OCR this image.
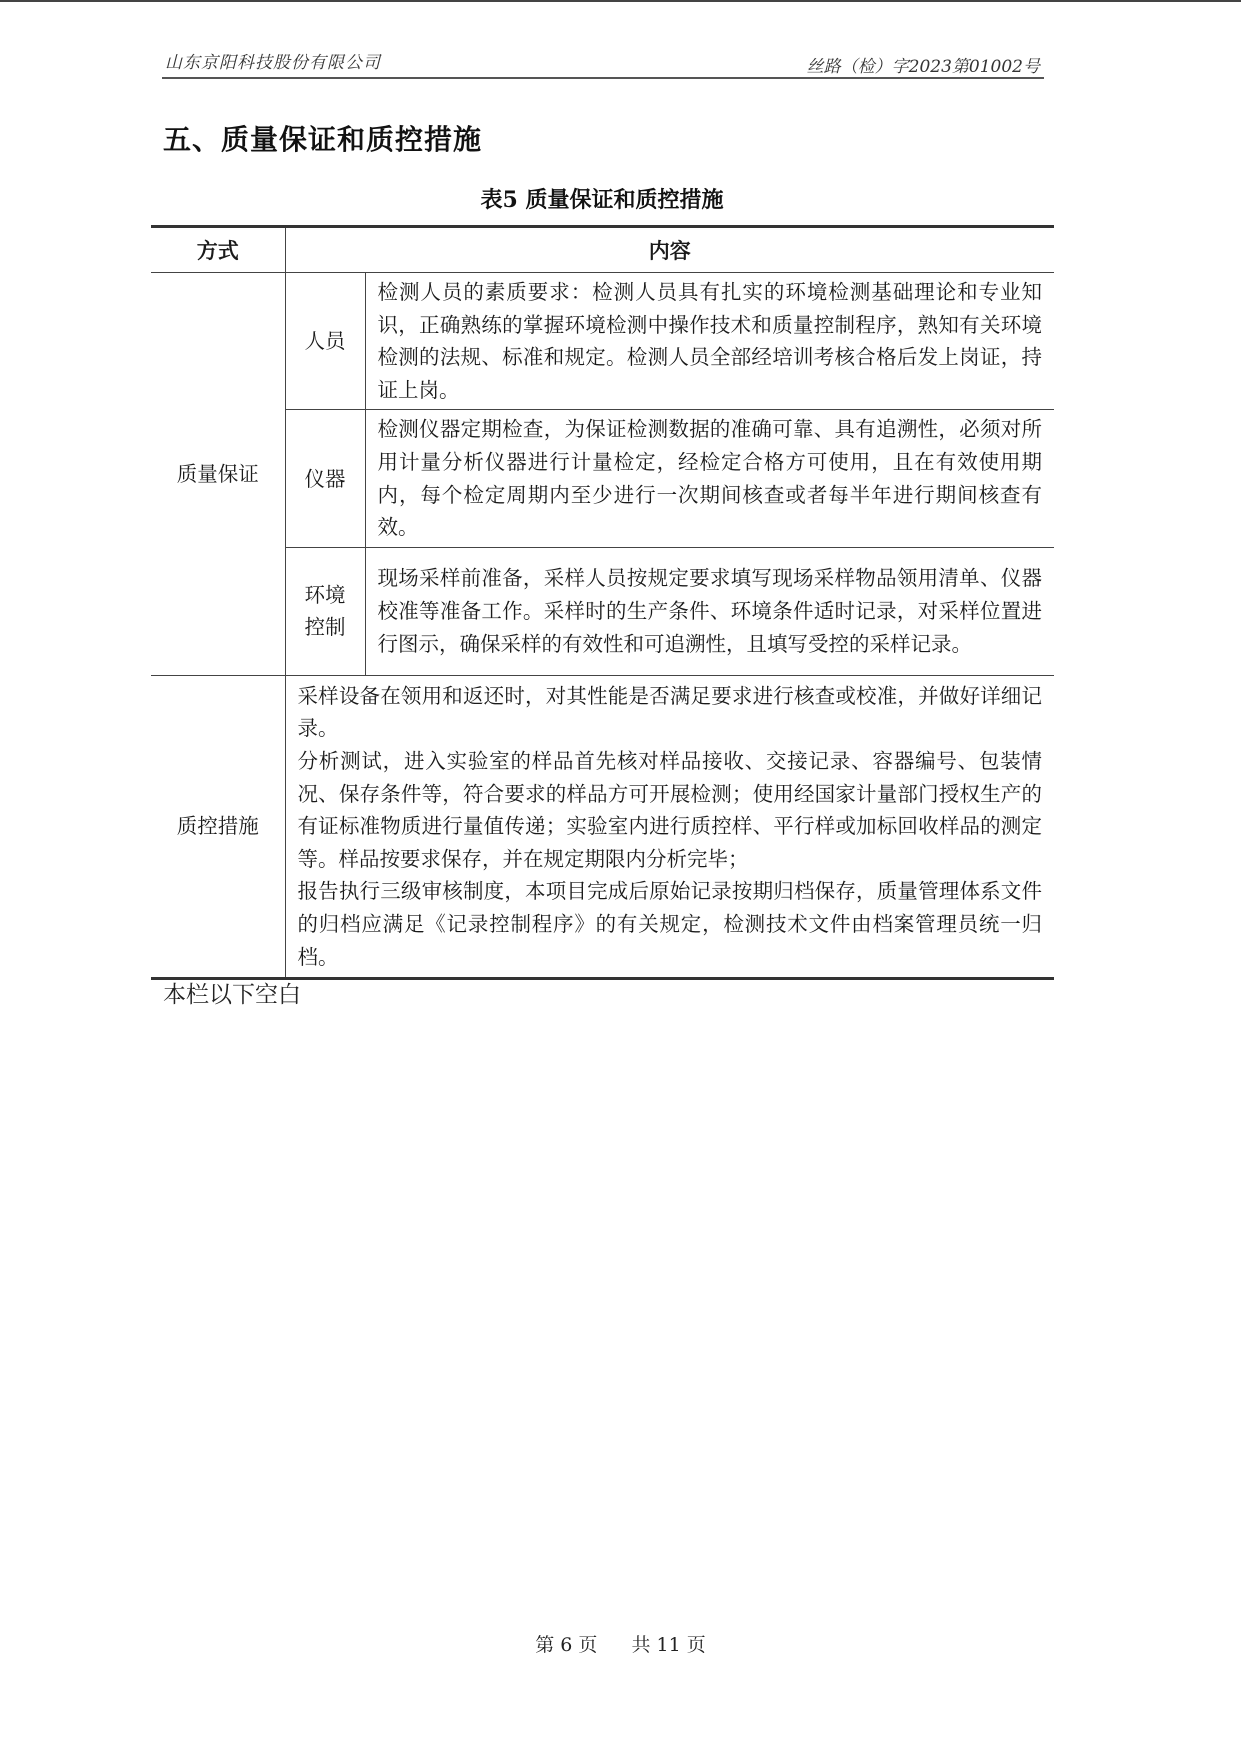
山东京阳科技股份有限公司	丝路（检）字2023第01002号
五、质量保证和质控措施
表5 质量保证和质控措施
方式	内容	
质量保证	人员	检测人员的素质要求：检测人员具有扎实的环境检测基础理论和专业知识，正确熟练的掌握环境检测中操作技术和质量控制程序，熟知有关环境检测的法规、标准和规定。检测人员全部经培训考核合格后发上岗证，持证上岗。
	仪器	检测仪器定期检查，为保证检测数据的准确可靠、具有追溯性，必须对所用计量分析仪器进行计量检定，经检定合格方可使用，且在有效使用期内，每个检定周期内至少进行一次期间核查或者每半年进行期间核查有效。
	环境控制	现场采样前准备，采样人员按规定要求填写现场采样物品领用清单、仪器校准等准备工作。采样时的生产条件、环境条件适时记录，对采样位置进行图示，确保采样的有效性和可追溯性，且填写受控的采样记录。
质控措施	采样设备在领用和返还时，对其性能是否满足要求进行核查或校准，并做好详细记录。
分析测试，进入实验室的样品首先核对样品接收、交接记录、容器编号、包装情况、保存条件等，符合要求的样品方可开展检测；使用经国家计量部门授权生产的有证标准物质进行量值传递；实验室内进行质控样、平行样或加标回收样品的测定等。样品按要求保存，并在规定期限内分析完毕；
报告执行三级审核制度，本项目完成后原始记录按期归档保存，质量管理体系文件的归档应满足《记录控制程序》的有关规定，检测技术文件由档案管理员统一归档。	
本栏以下空白
第 6 页 共 11 页
